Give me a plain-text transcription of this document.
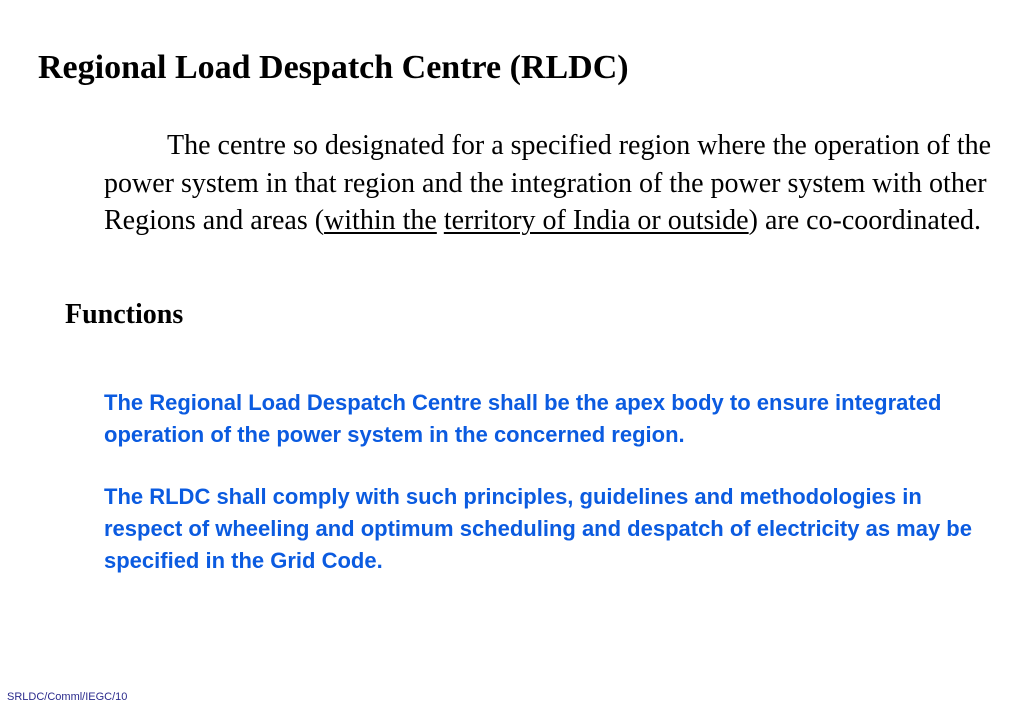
Regional Load Despatch Centre (RLDC)

The centre so designated for a specified region where the operation of the power system in that region and the integration of the power system with other Regions and areas (within the territory of India or outside) are co-coordinated.

Functions

The Regional Load Despatch Centre shall be the apex body to ensure integrated operation of the power system in the concerned region.

The RLDC shall comply with such principles, guidelines and methodologies in respect of wheeling and optimum scheduling and despatch of electricity as may be specified in the Grid Code.

SRLDC/Comml/IEGC/10
